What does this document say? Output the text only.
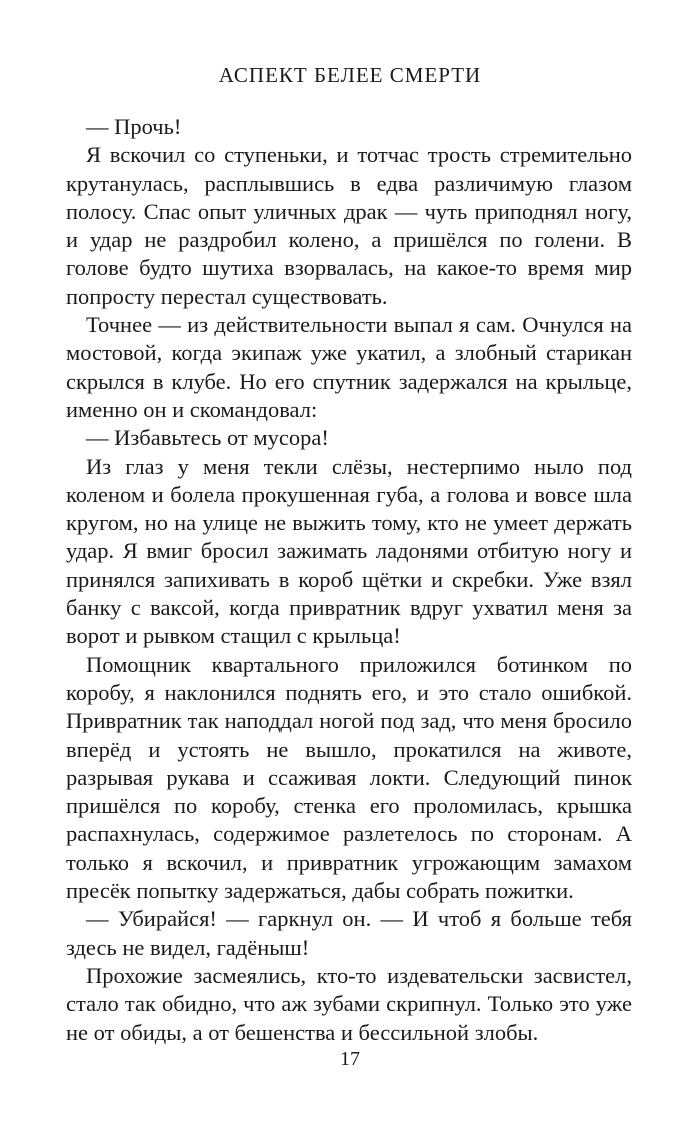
АСПЕКТ БЕЛЕЕ СМЕРТИ

— Прочь!

Я вскочил со ступеньки, и тотчас трость стремительно крутанулась, расплывшись в едва различимую глазом полосу. Спас опыт уличных драк — чуть приподнял ногу, и удар не раздробил колено, а пришёлся по голени. В голове будто шутиха взорвалась, на какое-то время мир попросту перестал существовать.

Точнее — из действительности выпал я сам. Очнулся на мостовой, когда экипаж уже укатил, а злобный старикан скрылся в клубе. Но его спутник задержался на крыльце, именно он и скомандовал:

— Избавьтесь от мусора!

Из глаз у меня текли слёзы, нестерпимо ныло под коленом и болела прокушенная губа, а голова и вовсе шла кругом, но на улице не выжить тому, кто не умеет держать удар. Я вмиг бросил зажимать ладонями отбитую ногу и принялся запихивать в короб щётки и скребки. Уже взял банку с ваксой, когда привратник вдруг ухватил меня за ворот и рывком стащил с крыльца!

Помощник квартального приложился ботинком по коробу, я наклонился поднять его, и это стало ошибкой. Привратник так наподдал ногой под зад, что меня бросило вперёд и устоять не вышло, прокатился на животе, разрывая рукава и ссаживая локти. Следующий пинок пришёлся по коробу, стенка его проломилась, крышка распахнулась, содержимое разлетелось по сторонам. А только я вскочил, и привратник угрожающим замахом пресёк попытку задержаться, дабы собрать пожитки.

— Убирайся! — гаркнул он. — И чтоб я больше тебя здесь не видел, гадёныш!

Прохожие засмеялись, кто-то издевательски засвистел, стало так обидно, что аж зубами скрипнул. Только это уже не от обиды, а от бешенства и бессильной злобы.

17
